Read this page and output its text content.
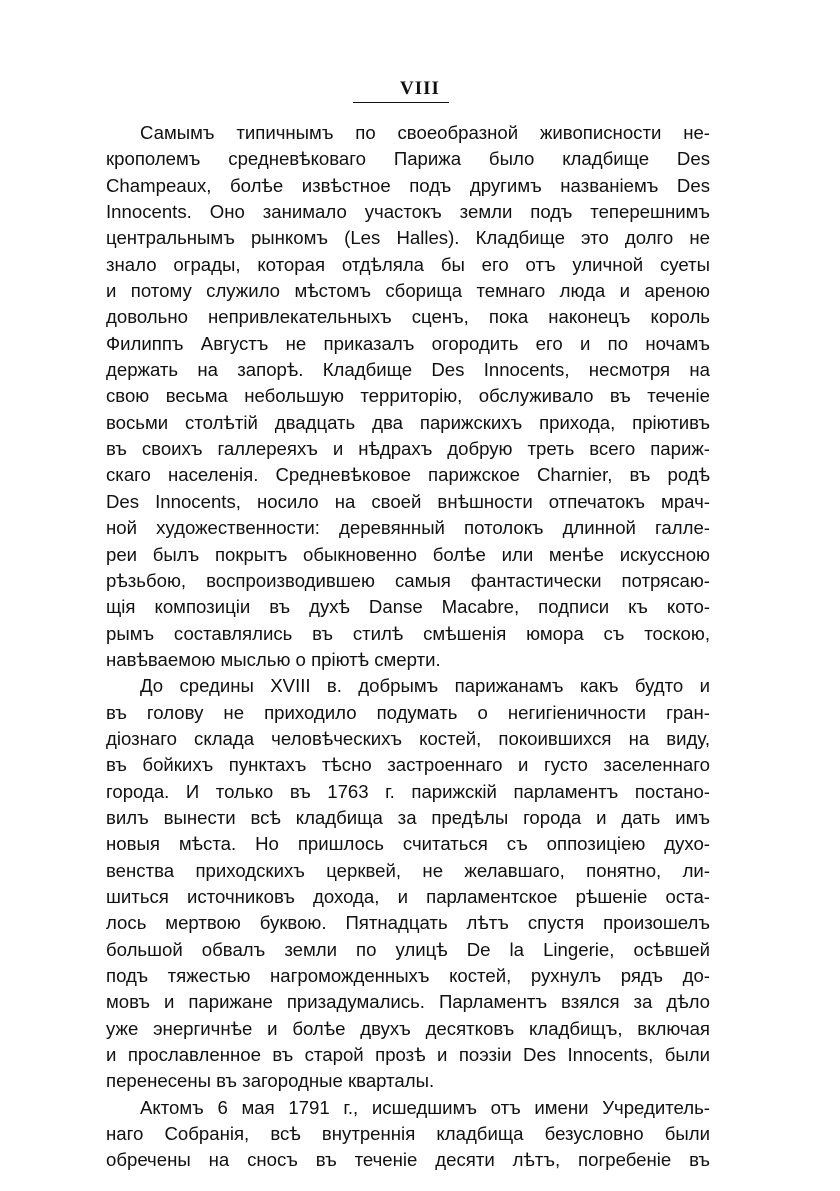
VIII
Самымъ типичнымъ по своеобразной живописности не-
крополемъ средневѣковаго Парижа было кладбище Des
Champeaux, болѣе извѣстное подъ другимъ названіемъ Des
Innocents. Оно занимало участокъ земли подъ теперешнимъ
центральнымъ рынкомъ (Les Halles). Кладбище это долго не
знало ограды, которая отдѣляла бы его отъ уличной суеты
и потому служило мѣстомъ сборища темнаго люда и ареною
довольно непривлекательныхъ сценъ, пока наконецъ король
Филиппъ Августъ не приказалъ огородить его и по ночамъ
держать на запорѣ. Кладбище Des Innocents, несмотря на
свою весьма небольшую территорію, обслуживало въ теченіе
восьми столѣтій двадцать два парижскихъ прихода, пріютивъ
въ своихъ галлереяхъ и нѣдрахъ добрую треть всего париж-
скаго населенія. Средневѣковое парижское Charnier, въ родѣ
Des Innocents, носило на своей внѣшности отпечатокъ мрач-
ной художественности: деревянный потолокъ длинной галле-
реи былъ покрытъ обыкновенно болѣе или менѣе искуссною
рѣзьбою, воспроизводившею самыя фантастически потрясаю-
щія композиціи въ духѣ Danse Macabre, подписи къ кото-
рымъ составлялись въ стилѣ смѣшенія юмора съ тоскою,
навѣваемою мыслью о пріютѣ смерти.
До средины XVIII в. добрымъ парижанамъ какъ будто и
въ голову не приходило подумать о негигіеничности гран-
діознаго склада человѣческихъ костей, покоившихся на виду,
въ бойкихъ пунктахъ тѣсно застроеннаго и густо заселеннаго
города. И только въ 1763 г. парижскій парламентъ постано-
вилъ вынести всѣ кладбища за предѣлы города и дать имъ
новыя мѣста. Но пришлось считаться съ оппозиціею духо-
венства приходскихъ церквей, не желавшаго, понятно, ли-
шиться источниковъ дохода, и парламентское рѣшеніе оста-
лось мертвою буквою. Пятнадцать лѣтъ спустя произошелъ
большой обвалъ земли по улицѣ De la Lingerie, осѣвшей
подъ тяжестью нагроможденныхъ костей, рухнулъ рядъ до-
мовъ и парижане призадумались. Парламентъ взялся за дѣло
уже энергичнѣе и болѣе двухъ десятковъ кладбищъ, включая
и прославленное въ старой прозѣ и поэзіи Des Innocents, были
перенесены въ загородные кварталы.
Актомъ 6 мая 1791 г., исшедшимъ отъ имени Учредитель-
наго Собранія, всѣ внутреннія кладбища безусловно были
обречены на сносъ въ теченіе десяти лѣтъ, погребеніе въ
